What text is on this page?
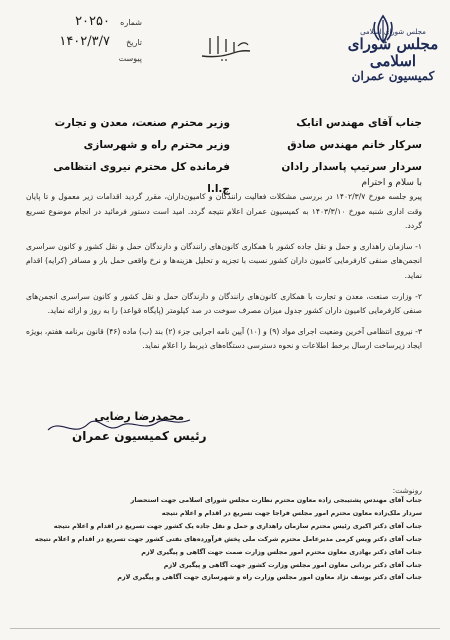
مجلس شورای اسلامی
مجلس شورای اسلامی
کمیسیون عمران
شماره
۲۰۲۵۰
تاریخ
۱۴۰۲/۳/۷
پیوست
جناب آقای مهندس اتابک
سرکار خانم مهندس صادق
سردار سرتیپ پاسدار رادان
وزیر محترم صنعت، معدن و تجارت
وزیر محترم راه و شهرسازی
فرمانده کل محترم نیروی انتظامی ج.ا.ا	با سلام و احترام

پیرو جلسه مورخ ۱۴۰۲/۳/۷ در بررسی مشکلات فعالیت رانندگان و کامیون‌داران، مقرر گردید اقدامات زیر معمول و تا پایان وقت اداری شنبه مورخ ۱۴۰۳/۳/۱۰ به کمیسیون عمران اعلام نتیجه گردد. امید است دستور فرمائید در انجام موضوع تسریع گردد.

۱- سازمان راهداری و حمل و نقل جاده کشور با همکاری کانون‌های رانندگان و دارندگان حمل و نقل کشور و کانون سراسری انجمن‌های صنفی کارفرمایی کامیون داران کشور نسبت با تجزیه و تحلیل هزینه‌ها و نرخ واقعی حمل بار و مسافر (کرایه) اقدام نماید.

۲- وزارت صنعت، معدن و تجارت با همکاری کانون‌های رانندگان و دارندگان حمل و نقل کشور و کانون سراسری انجمن‌های صنفی کارفرمایی کامیون داران کشور جدول میزان مصرف سوخت در صد کیلومتر (پایگاه قواعد) را به روز و ارائه نماید.

۳- نیروی انتظامی آخرین وضعیت اجرای مواد (۹) و (۱۰) آیین نامه اجرایی جزء (۲) بند (ب) ماده (۴۶) قانون برنامه هفتم، بویژه ایجاد زیرساخت ارسال برخط اطلاعات و نحوه دسترسی دستگاه‌های ذیربط را اعلام نماید.

محمدرضا رضایی
رئیس کمیسیون عمران
رونوشت:
جناب آقای مهندس پشتیبجی زاده معاون محترم نظارت مجلس شورای اسلامی جهت استحضار
سردار ملک‌زاده معاون محترم امور مجلس فراجا جهت تسریع در اقدام و اعلام نتیجه
جناب آقای دکتر اکبری رئیس محترم سازمان راهداری و حمل و نقل جاده یک کشور جهت تسریع در اقدام و اعلام نتیجه
جناب آقای دکتر ویس کرمی مدیرعامل محترم شرکت ملی پخش فرآورده‌های نفتی کشور جهت تسریع در اقدام و اعلام نتیجه
جناب آقای دکتر بهادری معاون محترم امور مجلس وزارت صمت جهت آگاهی و پیگیری لازم
جناب آقای دکتر بردانی معاون امور مجلس وزارت کشور جهت آگاهی و پیگیری لازم
جناب آقای دکتر یوسف نژاد معاون امور مجلس وزارت راه و شهرسازی جهت آگاهی و پیگیری لازم
